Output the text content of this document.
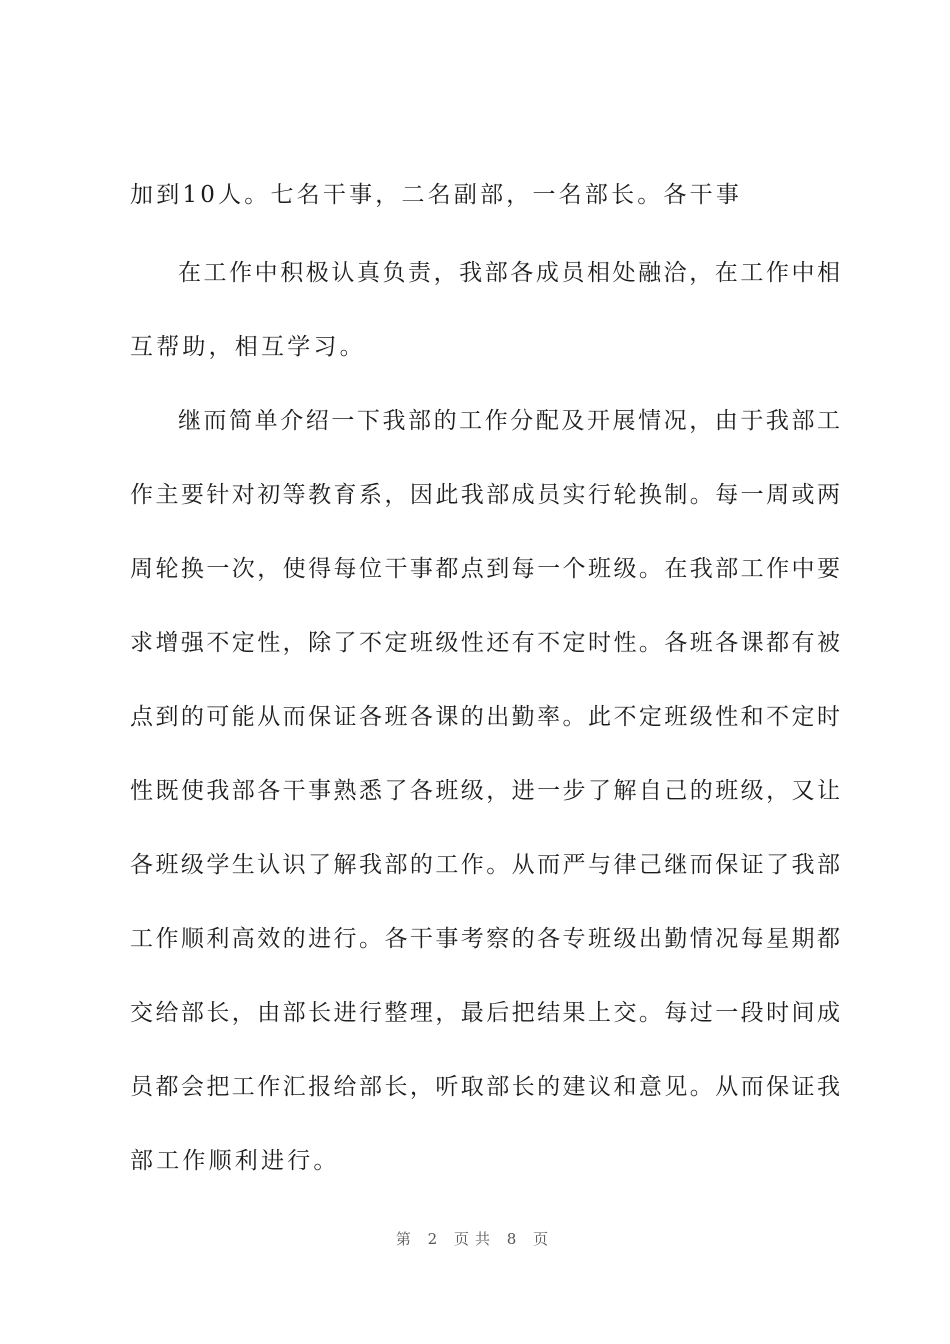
加到10人。七名干事，二名副部，一名部长。各干事
在工作中积极认真负责，我部各成员相处融洽，在工作中相
互帮助，相互学习。
继而简单介绍一下我部的工作分配及开展情况，由于我部工
作主要针对初等教育系，因此我部成员实行轮换制。每一周或两
周轮换一次，使得每位干事都点到每一个班级。在我部工作中要
求增强不定性，除了不定班级性还有不定时性。各班各课都有被
点到的可能从而保证各班各课的出勤率。此不定班级性和不定时
性既使我部各干事熟悉了各班级，进一步了解自己的班级，又让
各班级学生认识了解我部的工作。从而严与律己继而保证了我部
工作顺利高效的进行。各干事考察的各专班级出勤情况每星期都
交给部长，由部长进行整理，最后把结果上交。每过一段时间成
员都会把工作汇报给部长，听取部长的建议和意见。从而保证我
部工作顺利进行。
第 2 页共 8 页
